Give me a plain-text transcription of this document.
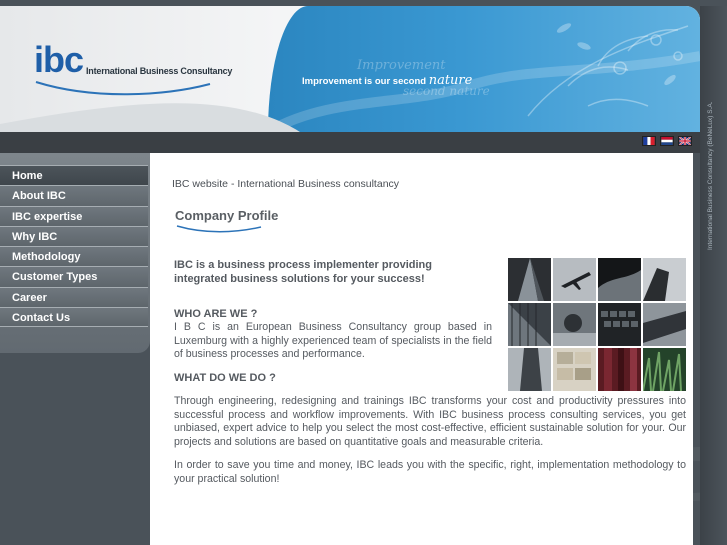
ibc International Business Consultancy	Improvement
second nature
Improvement is our second nature
Home
About IBC
IBC expertise
Why IBC
Methodology
Customer Types
Career
Contact Us
IBC website - International Business consultancy
Company Profile
IBC is a business process implementer providing integrated business solutions for your success!
WHO ARE WE ?
I B C is an European Business Consultancy group based in Luxemburg with a highly experienced team of specialists in the field of business processes and performance.
WHAT DO WE DO ?
Through engineering, redesigning and trainings IBC transforms your cost and productivity pressures into successful process and workflow improvements. With IBC business process consulting services, you get unbiased, expert advice to help you select the most cost-effective, efficient sustainable solution for your. Our projects and solutions are based on quantitative goals and measurable criteria.
In order to save you time and money, IBC leads you with the specific, right, implementation methodology to your practical solution!
International Business Consultancy (BeNeLux) S.A.
